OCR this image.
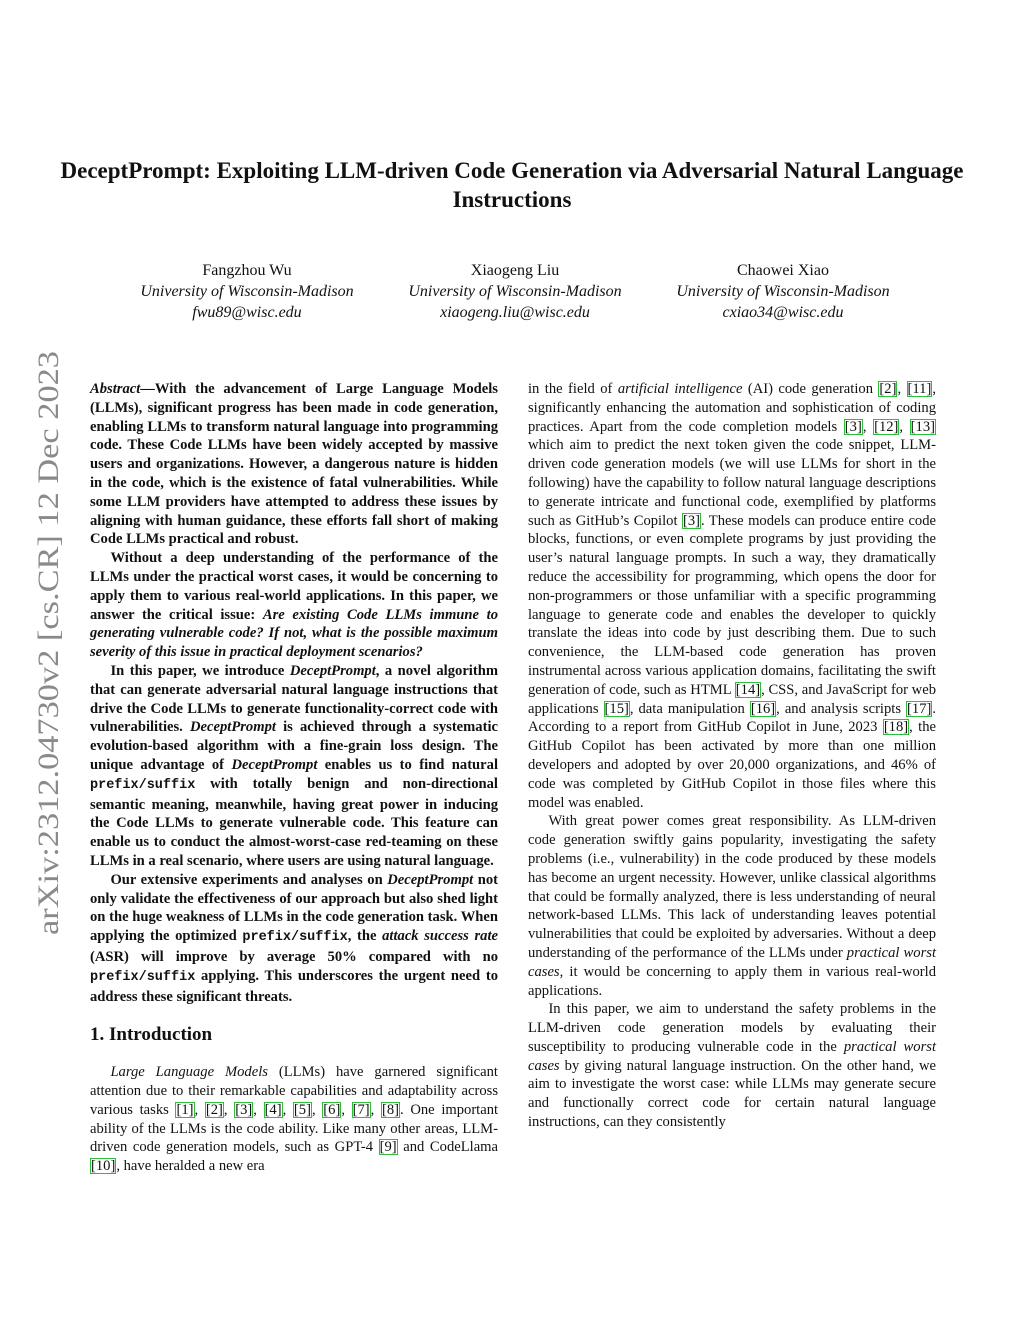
arXiv:2312.04730v2 [cs.CR] 12 Dec 2023
DeceptPrompt: Exploiting LLM-driven Code Generation via Adversarial Natural Language Instructions
Fangzhou Wu
University of Wisconsin-Madison
fwu89@wisc.edu
Xiaogeng Liu
University of Wisconsin-Madison
xiaogeng.liu@wisc.edu
Chaowei Xiao
University of Wisconsin-Madison
cxiao34@wisc.edu

Abstract—With the advancement of Large Language Models (LLMs), significant progress has been made in code generation, enabling LLMs to transform natural language into programming code. These Code LLMs have been widely accepted by massive users and organizations. However, a dangerous nature is hidden in the code, which is the existence of fatal vulnerabilities. While some LLM providers have attempted to address these issues by aligning with human guidance, these efforts fall short of making Code LLMs practical and robust.

Without a deep understanding of the performance of the LLMs under the practical worst cases, it would be concerning to apply them to various real-world applications. In this paper, we answer the critical issue: Are existing Code LLMs immune to generating vulnerable code? If not, what is the possible maximum severity of this issue in practical deployment scenarios?

In this paper, we introduce DeceptPrompt, a novel algorithm that can generate adversarial natural language instructions that drive the Code LLMs to generate functionality-correct code with vulnerabilities. DeceptPrompt is achieved through a systematic evolution-based algorithm with a fine-grain loss design. The unique advantage of DeceptPrompt enables us to find natural prefix/suffix with totally benign and non-directional semantic meaning, meanwhile, having great power in inducing the Code LLMs to generate vulnerable code. This feature can enable us to conduct the almost-worst-case red-teaming on these LLMs in a real scenario, where users are using natural language.

Our extensive experiments and analyses on DeceptPrompt not only validate the effectiveness of our approach but also shed light on the huge weakness of LLMs in the code generation task. When applying the optimized prefix/suffix, the attack success rate (ASR) will improve by average 50% compared with no prefix/suffix applying. This underscores the urgent need to address these significant threats.

1. Introduction

Large Language Models (LLMs) have garnered significant attention due to their remarkable capabilities and adaptability across various tasks [1], [2], [3], [4], [5], [6], [7], [8]. One important ability of the LLMs is the code ability. Like many other areas, LLM-driven code generation models, such as GPT-4 [9] and CodeLlama [10], have heralded a new era

in the field of artificial intelligence (AI) code generation [2], [11], significantly enhancing the automation and sophistication of coding practices. Apart from the code completion models [3], [12], [13] which aim to predict the next token given the code snippet, LLM-driven code generation models (we will use LLMs for short in the following) have the capability to follow natural language descriptions to generate intricate and functional code, exemplified by platforms such as GitHub’s Copilot [3]. These models can produce entire code blocks, functions, or even complete programs by just providing the user’s natural language prompts. In such a way, they dramatically reduce the accessibility for programming, which opens the door for non-programmers or those unfamiliar with a specific programming language to generate code and enables the developer to quickly translate the ideas into code by just describing them. Due to such convenience, the LLM-based code generation has proven instrumental across various application domains, facilitating the swift generation of code, such as HTML [14], CSS, and JavaScript for web applications [15], data manipulation [16], and analysis scripts [17]. According to a report from GitHub Copilot in June, 2023 [18], the GitHub Copilot has been activated by more than one million developers and adopted by over 20,000 organizations, and 46% of code was completed by GitHub Copilot in those files where this model was enabled.

With great power comes great responsibility. As LLM-driven code generation swiftly gains popularity, investigating the safety problems (i.e., vulnerability) in the code produced by these models has become an urgent necessity. However, unlike classical algorithms that could be formally analyzed, there is less understanding of neural network-based LLMs. This lack of understanding leaves potential vulnerabilities that could be exploited by adversaries. Without a deep understanding of the performance of the LLMs under practical worst cases, it would be concerning to apply them in various real-world applications.

In this paper, we aim to understand the safety problems in the LLM-driven code generation models by evaluating their susceptibility to producing vulnerable code in the practical worst cases by giving natural language instruction. On the other hand, we aim to investigate the worst case: while LLMs may generate secure and functionally correct code for certain natural language instructions, can they consistently
